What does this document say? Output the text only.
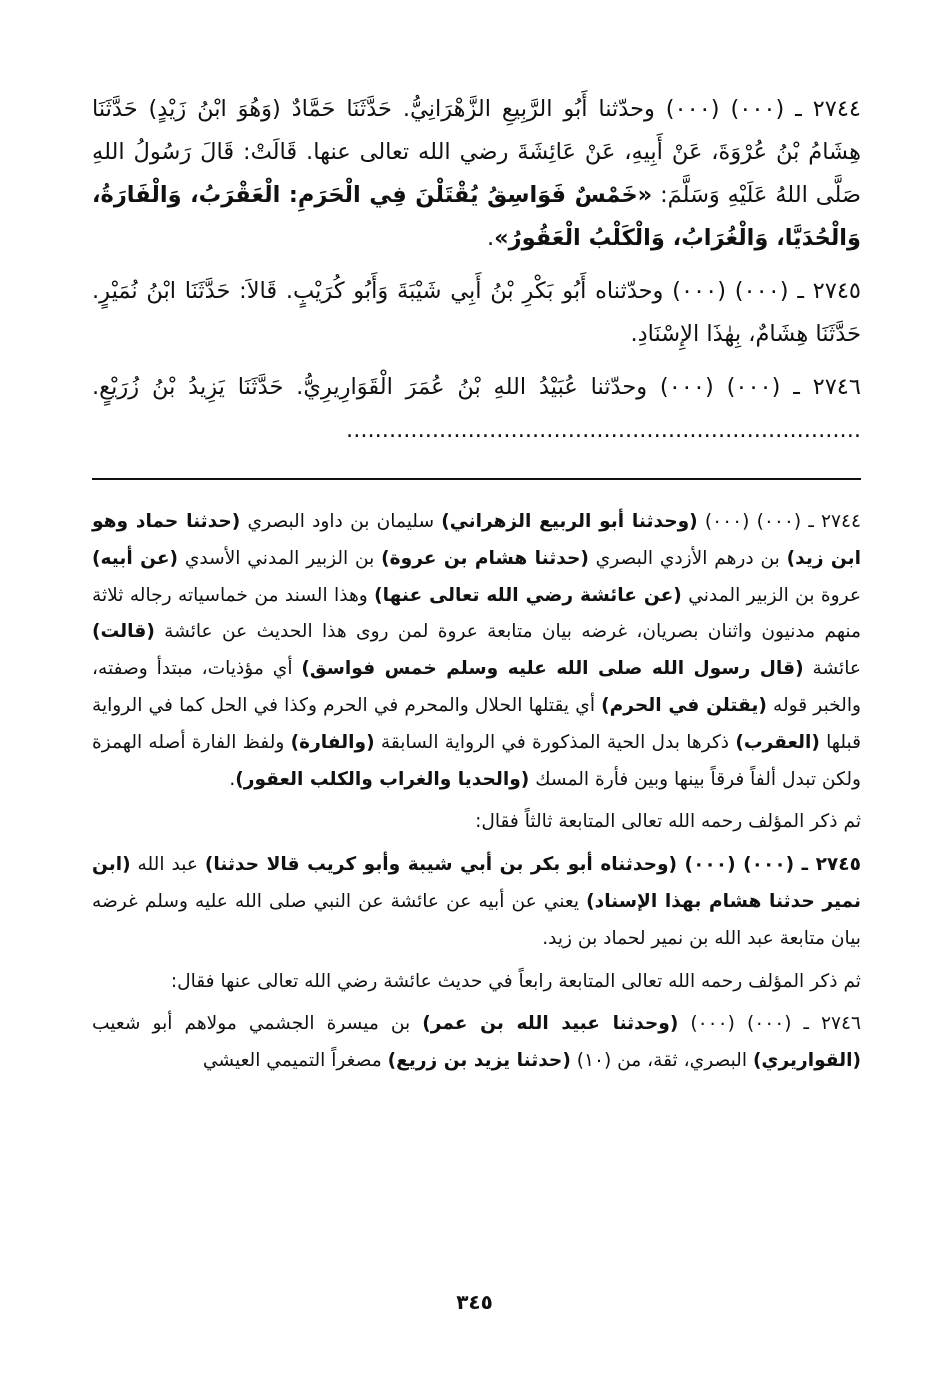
٢٧٤٤ ـ (٠٠٠) (٠٠٠) وحدّثنا أَبُو الرَّبِيعِ الزَّهْرَانِيُّ. حَدَّثَنَا حَمَّادٌ (وَهُوَ ابْنُ زَيْدٍ) حَدَّثَنَا هِشَامُ بْنُ عُرْوَةَ، عَنْ أَبِيهِ، عَنْ عَائِشَةَ رضي الله تعالى عنها. قَالَتْ: قَالَ رَسُولُ اللهِ صَلَّى اللهُ عَلَيْهِ وَسَلَّمَ: «خَمْسٌ فَوَاسِقُ يُقْتَلْنَ فِي الْحَرَمِ: الْعَقْرَبُ، وَالْفَارَةُ، وَالْحُدَيَّا، وَالْغُرَابُ، وَالْكَلْبُ الْعَقُورُ».

٢٧٤٥ ـ (٠٠٠) (٠٠٠) وحدّثناه أَبُو بَكْرِ بْنُ أَبِي شَيْبَةَ وَأَبُو كُرَيْبٍ. قَالاَ: حَدَّثَنَا ابْنُ نُمَيْرٍ. حَدَّثَنَا هِشَامٌ، بِهٰذَا الإِسْنَادِ.

٢٧٤٦ ـ (٠٠٠) (٠٠٠) وحدّثنا عُبَيْدُ اللهِ بْنُ عُمَرَ الْقَوَارِيرِيُّ. حَدَّثَنَا يَزِيدُ بْنُ زُرَيْعٍ. ........................................................................

٢٧٤٤ ـ (٠٠٠) (٠٠٠) (وحدثنا أبو الربيع الزهراني) سليمان بن داود البصري (حدثنا حماد وهو ابن زيد) بن درهم الأزدي البصري (حدثنا هشام بن عروة) بن الزبير المدني الأسدي (عن أبيه) عروة بن الزبير المدني (عن عائشة رضي الله تعالى عنها) وهذا السند من خماسياته رجاله ثلاثة منهم مدنيون واثنان بصريان، غرضه بيان متابعة عروة لمن روى هذا الحديث عن عائشة (قالت) عائشة (قال رسول الله صلى الله عليه وسلم خمس فواسق) أي مؤذيات، مبتدأ وصفته، والخبر قوله (يقتلن في الحرم) أي يقتلها الحلال والمحرم في الحرم وكذا في الحل كما في الرواية قبلها (العقرب) ذكرها بدل الحية المذكورة في الرواية السابقة (والفارة) ولفظ الفارة أصله الهمزة ولكن تبدل ألفاً فرقاً بينها وبين فأرة المسك (والحديا والغراب والكلب العقور).

ثم ذكر المؤلف رحمه الله تعالى المتابعة ثالثاً فقال:

٢٧٤٥ ـ (٠٠٠) (٠٠٠) (وحدثناه أبو بكر بن أبي شيبة وأبو كريب قالا حدثنا) عبد الله (ابن نمير حدثنا هشام بهذا الإسناد) يعني عن أبيه عن عائشة عن النبي صلى الله عليه وسلم غرضه بيان متابعة عبد الله بن نمير لحماد بن زيد.

ثم ذكر المؤلف رحمه الله تعالى المتابعة رابعاً في حديث عائشة رضي الله تعالى عنها فقال:

٢٧٤٦ ـ (٠٠٠) (٠٠٠) (وحدثنا عبيد الله بن عمر) بن ميسرة الجشمي مولاهم أبو شعيب (القواريري) البصري، ثقة، من (١٠) (حدثنا يزيد بن زريع) مصغراً التميمي العيشي

٣٤٥
